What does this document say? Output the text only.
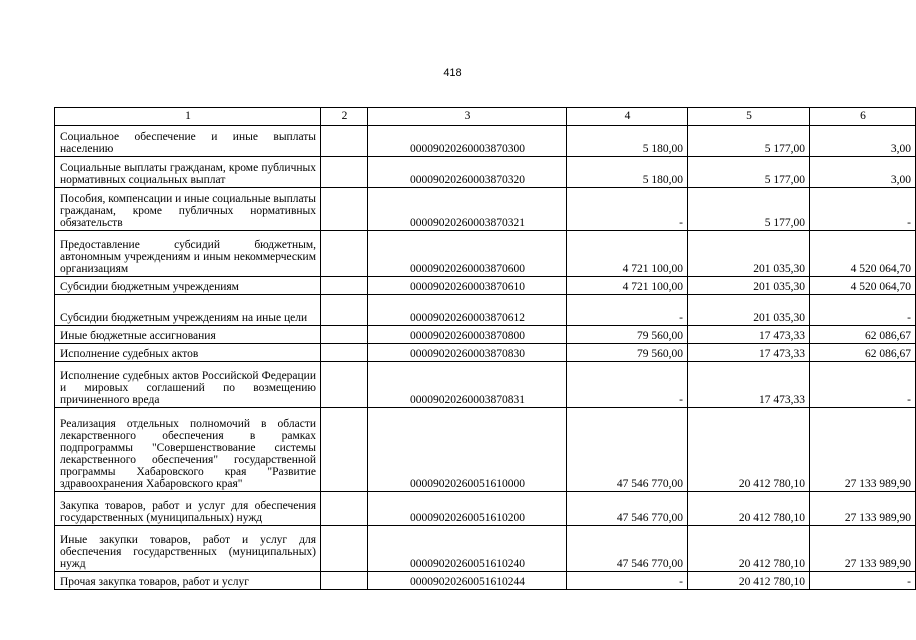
418
1	2	3	4	5	6
Социальное обеспечение и иные выплаты населению		00009020260003870300	5 180,00	5 177,00	3,00
Социальные выплаты гражданам, кроме публичных нормативных социальных выплат		00009020260003870320	5 180,00	5 177,00	3,00
Пособия, компенсации и иные социальные выплаты гражданам, кроме публичных нормативных обязательств		00009020260003870321	-	5 177,00	-
Предоставление субсидий бюджетным, автономным учреждениям и иным некоммерческим организациям		00009020260003870600	4 721 100,00	201 035,30	4 520 064,70
Субсидии бюджетным учреждениям		00009020260003870610	4 721 100,00	201 035,30	4 520 064,70
Субсидии бюджетным учреждениям на иные цели		00009020260003870612	-	201 035,30	-
Иные бюджетные ассигнования		00009020260003870800	79 560,00	17 473,33	62 086,67
Исполнение судебных актов		00009020260003870830	79 560,00	17 473,33	62 086,67
Исполнение судебных актов Российской Федерации и мировых соглашений по возмещению причиненного вреда		00009020260003870831	-	17 473,33	-
Реализация отдельных полномочий в области лекарственного обеспечения в рамках подпрограммы "Совершенствование системы лекарственного обеспечения" государственной программы Хабаровского края "Развитие здравоохранения Хабаровского края"		00009020260051610000	47 546 770,00	20 412 780,10	27 133 989,90
Закупка товаров, работ и услуг для обеспечения государственных (муниципальных) нужд		00009020260051610200	47 546 770,00	20 412 780,10	27 133 989,90
Иные закупки товаров, работ и услуг для обеспечения государственных (муниципальных) нужд		00009020260051610240	47 546 770,00	20 412 780,10	27 133 989,90
Прочая закупка товаров, работ и услуг		00009020260051610244	-	20 412 780,10	-
